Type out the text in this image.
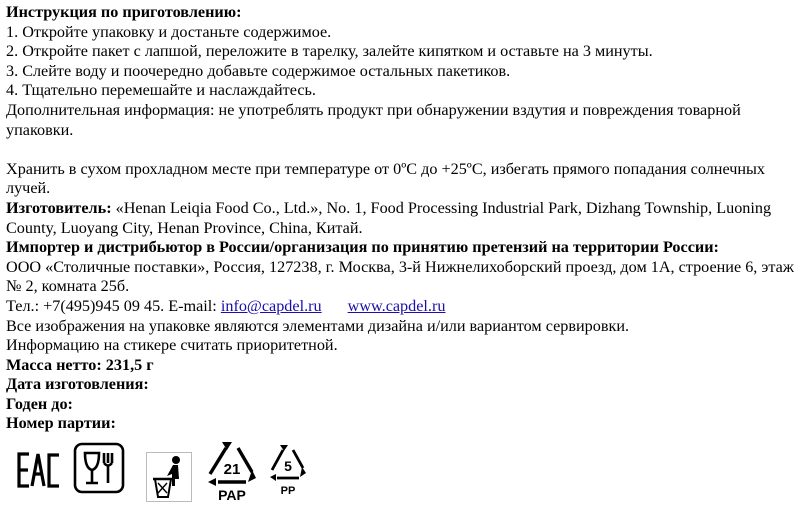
Инструкция по приготовлению:

1. Откройте упаковку и достаньте содержимое.

2. Откройте пакет с лапшой, переложите в тарелку, залейте кипятком и оставьте на 3 минуты.

3. Слейте воду и поочередно добавьте содержимое остальных пакетиков.

4. Тщательно перемешайте и наслаждайтесь.

Дополнительная информация: не употреблять продукт при обнаружении вздутия и повреждения товарной упаковки.

Хранить в сухом прохладном месте при температуре от 0ºС до +25ºС, избегать прямого попадания солнечных лучей.

Изготовитель: «Henan Leiqia Food Co., Ltd.», No. 1, Food Processing Industrial Park, Dizhang Township, Luoning County, Luoyang City, Henan Province, China, Китай.

Импортер и дистрибьютор в России/организация по принятию претензий на территории России:

ООО «Столичные поставки», Россия, 127238, г. Москва, 3-й Нижнелихоборский проезд, дом 1А, строение 6, этаж № 2, комната 25б.

Тел.: +7(495)945 09 45. E-mail: info@capdel.ru www.capdel.ru

Все изображения на упаковке являются элементами дизайна и/или вариантом сервировки.

Информацию на стикере считать приоритетной.

Масса нетто: 231,5 г

Дата изготовления:

Годен до:

Номер партии:

21
PAP
5
PP
